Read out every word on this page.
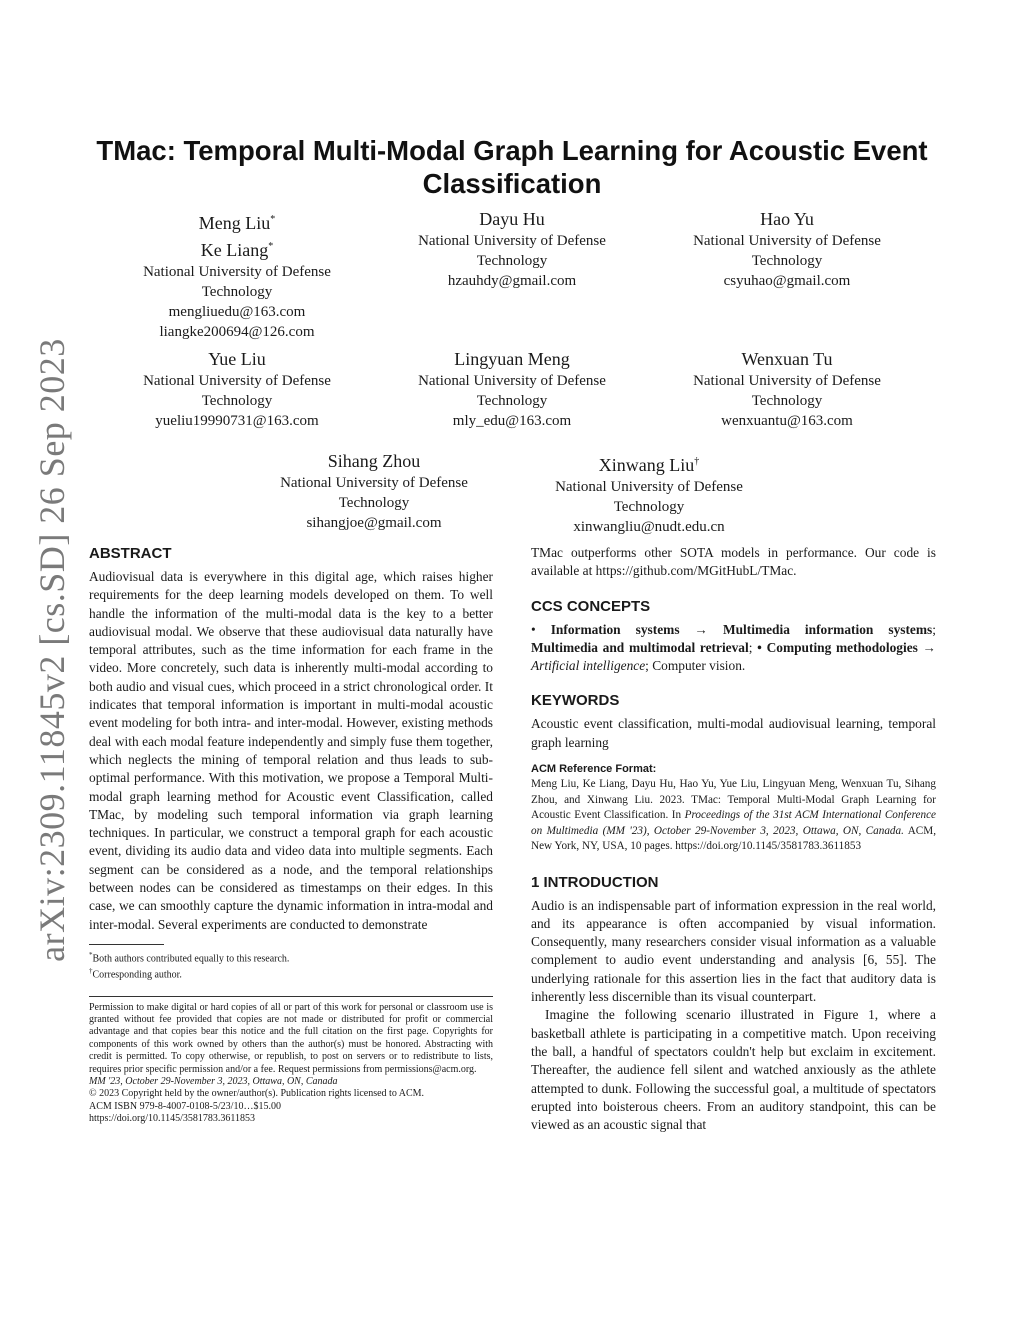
arXiv:2309.11845v2 [cs.SD] 26 Sep 2023
TMac: Temporal Multi-Modal Graph Learning for Acoustic Event Classification
Meng Liu*
Ke Liang*
National University of Defense Technology
mengliuedu@163.com
liangke200694@126.com
Dayu Hu
National University of Defense Technology
hzauhdy@gmail.com
Hao Yu
National University of Defense Technology
csyuhao@gmail.com
Yue Liu
National University of Defense Technology
yueliu19990731@163.com
Lingyuan Meng
National University of Defense Technology
mly_edu@163.com
Wenxuan Tu
National University of Defense Technology
wenxuantu@163.com
Sihang Zhou
National University of Defense Technology
sihangjoe@gmail.com
Xinwang Liu†
National University of Defense Technology
xinwangliu@nudt.edu.cn
ABSTRACT

Audiovisual data is everywhere in this digital age, which raises higher requirements for the deep learning models developed on them. To well handle the information of the multi-modal data is the key to a better audiovisual modal. We observe that these audiovisual data naturally have temporal attributes, such as the time information for each frame in the video. More concretely, such data is inherently multi-modal according to both audio and visual cues, which proceed in a strict chronological order. It indicates that temporal information is important in multi-modal acoustic event modeling for both intra- and inter-modal. However, existing methods deal with each modal feature independently and simply fuse them together, which neglects the mining of temporal relation and thus leads to sub-optimal performance. With this motivation, we propose a Temporal Multi-modal graph learning method for Acoustic event Classification, called TMac, by modeling such temporal information via graph learning techniques. In particular, we construct a temporal graph for each acoustic event, dividing its audio data and video data into multiple segments. Each segment can be considered as a node, and the temporal relationships between nodes can be considered as timestamps on their edges. In this case, we can smoothly capture the dynamic information in intra-modal and inter-modal. Several experiments are conducted to demonstrate

*Both authors contributed equally to this research.
†Corresponding author.

Permission to make digital or hard copies of all or part of this work for personal or classroom use is granted without fee provided that copies are not made or distributed for profit or commercial advantage and that copies bear this notice and the full citation on the first page. Copyrights for components of this work owned by others than the author(s) must be honored. Abstracting with credit is permitted. To copy otherwise, or republish, to post on servers or to redistribute to lists, requires prior specific permission and/or a fee. Request permissions from permissions@acm.org.

MM '23, October 29-November 3, 2023, Ottawa, ON, Canada

© 2023 Copyright held by the owner/author(s). Publication rights licensed to ACM.

ACM ISBN 979-8-4007-0108-5/23/10…$15.00

https://doi.org/10.1145/3581783.3611853

TMac outperforms other SOTA models in performance. Our code is available at https://github.com/MGitHubL/TMac.

CCS CONCEPTS

• Information systems → Multimedia information systems; Multimedia and multimodal retrieval; • Computing methodologies → Artificial intelligence; Computer vision.

KEYWORDS

Acoustic event classification, multi-modal audiovisual learning, temporal graph learning

ACM Reference Format:

Meng Liu, Ke Liang, Dayu Hu, Hao Yu, Yue Liu, Lingyuan Meng, Wenxuan Tu, Sihang Zhou, and Xinwang Liu. 2023. TMac: Temporal Multi-Modal Graph Learning for Acoustic Event Classification. In Proceedings of the 31st ACM International Conference on Multimedia (MM '23), October 29-November 3, 2023, Ottawa, ON, Canada. ACM, New York, NY, USA, 10 pages. https://doi.org/10.1145/3581783.3611853

1 INTRODUCTION

Audio is an indispensable part of information expression in the real world, and its appearance is often accompanied by visual information. Consequently, many researchers consider visual information as a valuable complement to audio event understanding and analysis [6, 55]. The underlying rationale for this assertion lies in the fact that auditory data is inherently less discernible than its visual counterpart.

Imagine the following scenario illustrated in Figure 1, where a basketball athlete is participating in a competitive match. Upon receiving the ball, a handful of spectators couldn't help but exclaim in excitement. Thereafter, the audience fell silent and watched anxiously as the athlete attempted to dunk. Following the successful goal, a multitude of spectators erupted into boisterous cheers. From an auditory standpoint, this can be viewed as an acoustic signal that
